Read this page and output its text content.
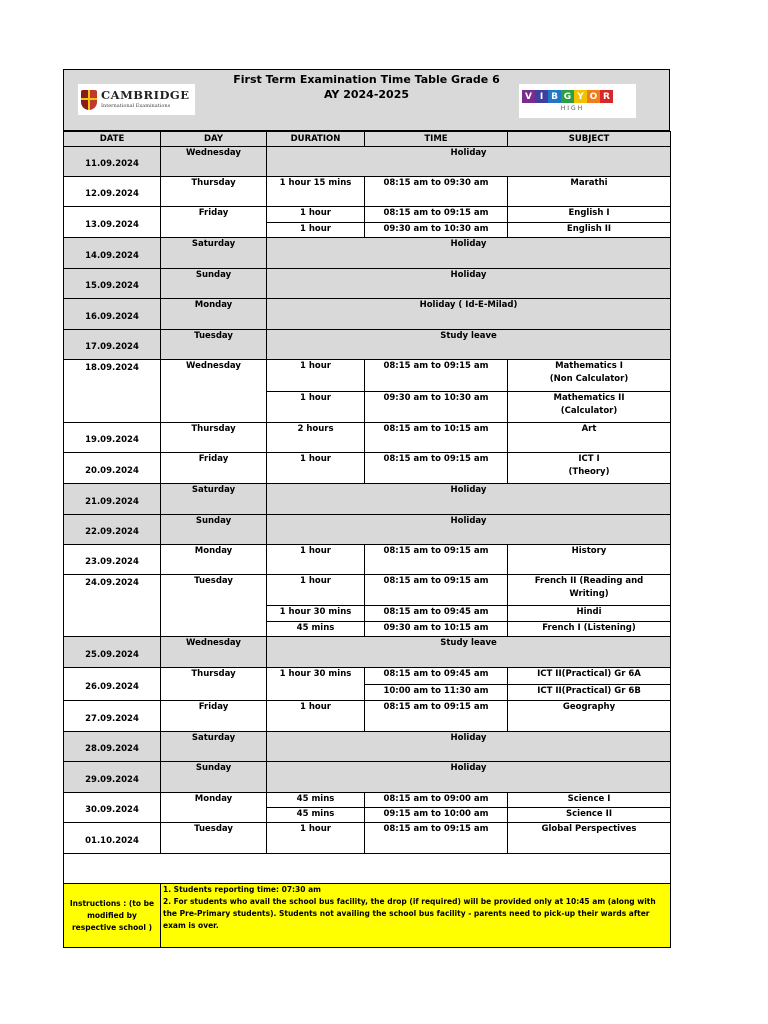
First Term Examination Time Table Grade 6
AY 2024-2025
CAMBRIDGE
International Examinations
V I B G Y O R
HIGH
DATE	DAY	DURATION	TIME	SUBJECT
11.09.2024	Wednesday	Holiday		
12.09.2024	Thursday	1 hour 15 mins	08:15 am to 09:30 am	Marathi
13.09.2024	Friday	1 hour	08:15 am to 09:15 am	English I
		1 hour	09:30 am to 10:30 am	English II
14.09.2024	Saturday	Holiday		
15.09.2024	Sunday	Holiday		
16.09.2024	Monday	Holiday ( Id-E-Milad)		
17.09.2024	Tuesday	Study leave		
18.09.2024	Wednesday	1 hour	08:15 am to 09:15 am	Mathematics I
(Non Calculator)

		1 hour	09:30 am to 10:30 am	Mathematics II
(Calculator)

19.09.2024	Thursday	2 hours	08:15 am to 10:15 am	Art
20.09.2024	Friday	1 hour	08:15 am to 09:15 am	ICT I
(Theory)

21.09.2024	Saturday	Holiday		
22.09.2024	Sunday	Holiday		
23.09.2024	Monday	1 hour	08:15 am to 09:15 am	History
24.09.2024	Tuesday	1 hour	08:15 am to 09:15 am	French II (Reading and
Writing)

		1 hour 30 mins	08:15 am to 09:45 am	Hindi
		45 mins	09:30 am to 10:15 am	French I (Listening)
25.09.2024	Wednesday	Study leave		
26.09.2024	Thursday	1 hour 30 mins	08:15 am to 09:45 am	ICT II(Practical) Gr 6A
			10:00 am to 11:30 am	ICT II(Practical) Gr 6B
27.09.2024	Friday	1 hour	08:15 am to 09:15 am	Geography
28.09.2024	Saturday	Holiday		
29.09.2024	Sunday	Holiday		
30.09.2024	Monday	45 mins	08:15 am to 09:00 am	Science I
		45 mins	09:15 am to 10:00 am	Science II
01.10.2024	Tuesday	1 hour	08:15 am to 09:15 am	Global Perspectives

Instructions : (to be modified by respective school )	1. Students reporting time: 07:30 am
2. For students who avail the school bus facility, the drop (if required) will be provided only at 10:45 am (along with the Pre-Primary students). Students not availing the school bus facility - parents need to pick-up their wards after exam is over.			
